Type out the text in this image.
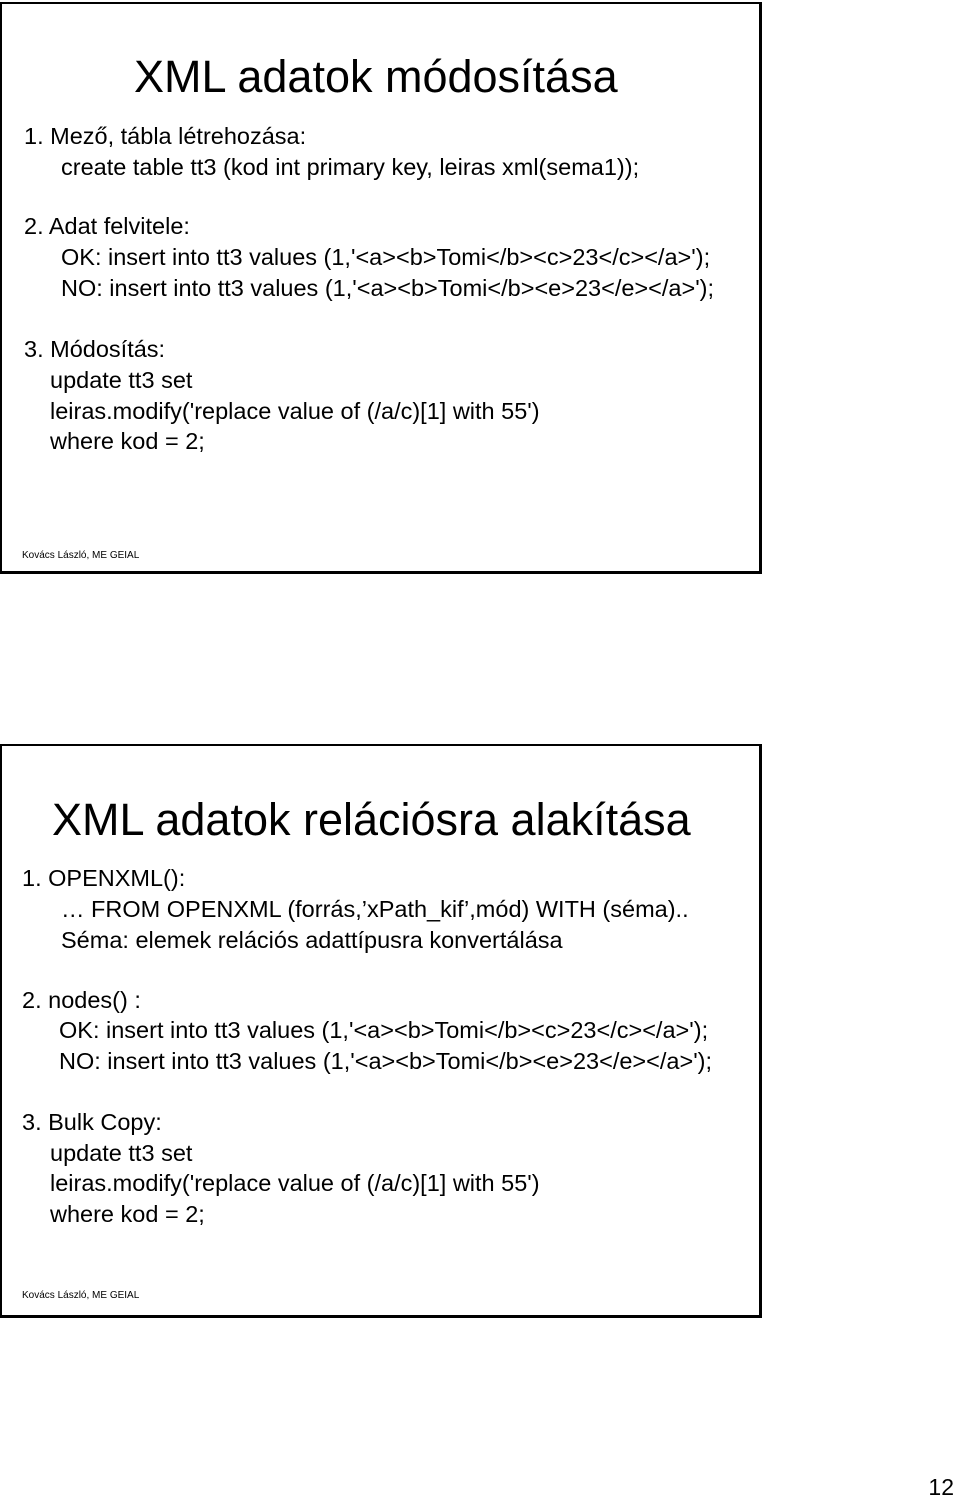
XML adatok módosítása
1. Mező, tábla létrehozása:
create table tt3 (kod int primary key, leiras xml(sema1));
2. Adat felvitele:
OK: insert into tt3 values (1,'<a><b>Tomi</b><c>23</c></a>');
NO: insert into tt3 values (1,'<a><b>Tomi</b><e>23</e></a>');
3. Módosítás:
update tt3 set
leiras.modify('replace value of (/a/c)[1] with 55')
where kod = 2;
Kovács László, ME GEIAL
XML adatok relációsra alakítása
1. OPENXML():
… FROM OPENXML (forrás,’xPath_kif’,mód) WITH (séma)..
Séma: elemek relációs adattípusra konvertálása
2. nodes() :
OK: insert into tt3 values (1,'<a><b>Tomi</b><c>23</c></a>');
NO: insert into tt3 values (1,'<a><b>Tomi</b><e>23</e></a>');
3. Bulk Copy:
update tt3 set
leiras.modify('replace value of (/a/c)[1] with 55')
where kod = 2;
Kovács László, ME GEIAL
12
